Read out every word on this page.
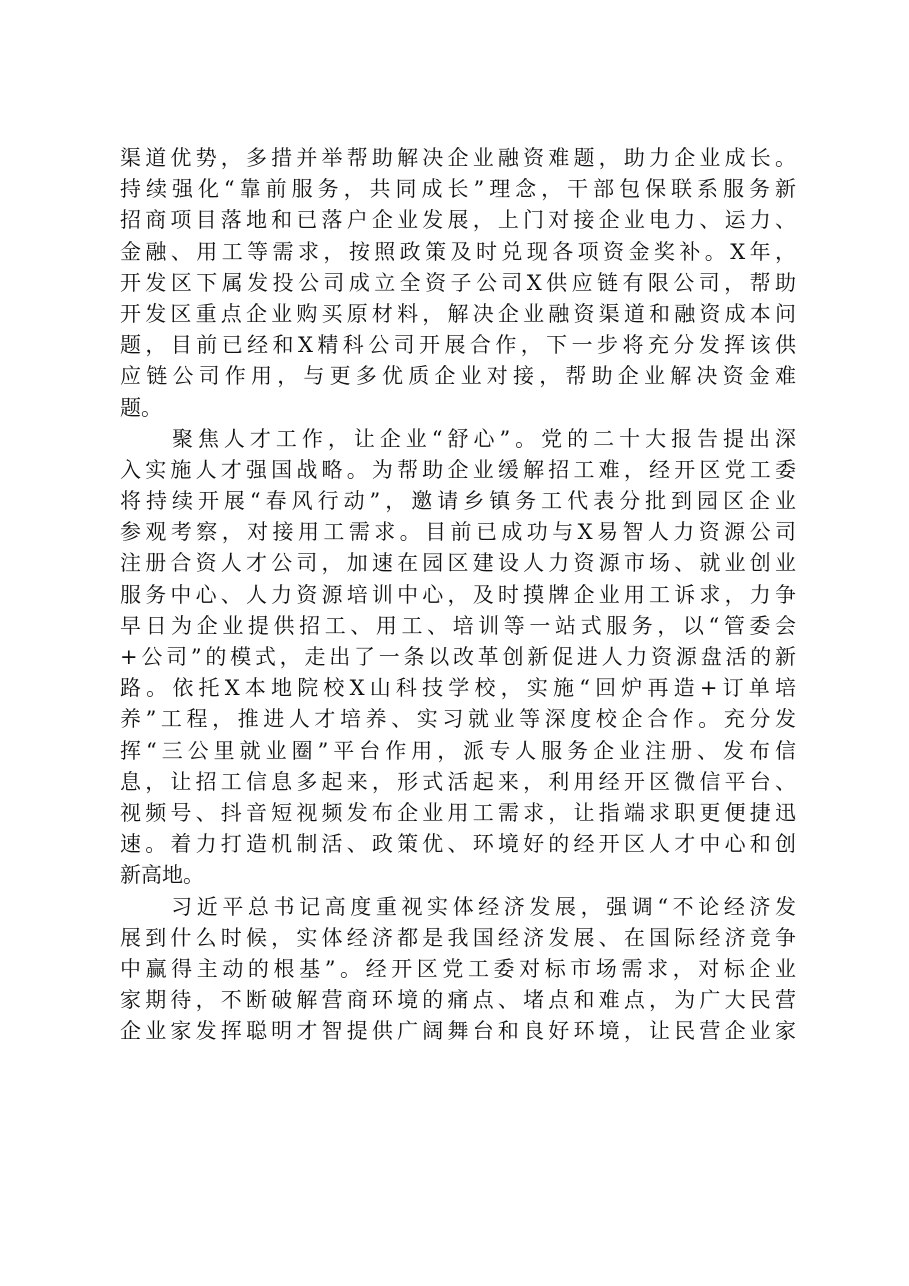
渠道优势，多措并举帮助解决企业融资难题，助力企业成长。
持续强化“靠前服务，共同成长”理念，干部包保联系服务新
招商项目落地和已落户企业发展，上门对接企业电力、运力、
金融、用工等需求，按照政策及时兑现各项资金奖补。X年，
开发区下属发投公司成立全资子公司X供应链有限公司，帮助
开发区重点企业购买原材料，解决企业融资渠道和融资成本问
题，目前已经和X精科公司开展合作，下一步将充分发挥该供
应链公司作用，与更多优质企业对接，帮助企业解决资金难
题。
　　聚焦人才工作，让企业“舒心”。党的二十大报告提出深
入实施人才强国战略。为帮助企业缓解招工难，经开区党工委
将持续开展“春风行动”，邀请乡镇务工代表分批到园区企业
参观考察，对接用工需求。目前已成功与X易智人力资源公司
注册合资人才公司，加速在园区建设人力资源市场、就业创业
服务中心、人力资源培训中心，及时摸牌企业用工诉求，力争
早日为企业提供招工、用工、培训等一站式服务，以“管委会
+公司”的模式，走出了一条以改革创新促进人力资源盘活的新
路。依托X本地院校X山科技学校，实施“回炉再造+订单培
养”工程，推进人才培养、实习就业等深度校企合作。充分发
挥“三公里就业圈”平台作用，派专人服务企业注册、发布信
息，让招工信息多起来，形式活起来，利用经开区微信平台、
视频号、抖音短视频发布企业用工需求，让指端求职更便捷迅
速。着力打造机制活、政策优、环境好的经开区人才中心和创
新高地。
　　习近平总书记高度重视实体经济发展，强调“不论经济发
展到什么时候，实体经济都是我国经济发展、在国际经济竞争
中赢得主动的根基”。经开区党工委对标市场需求，对标企业
家期待，不断破解营商环境的痛点、堵点和难点，为广大民营
企业家发挥聪明才智提供广阔舞台和良好环境，让民营企业家
